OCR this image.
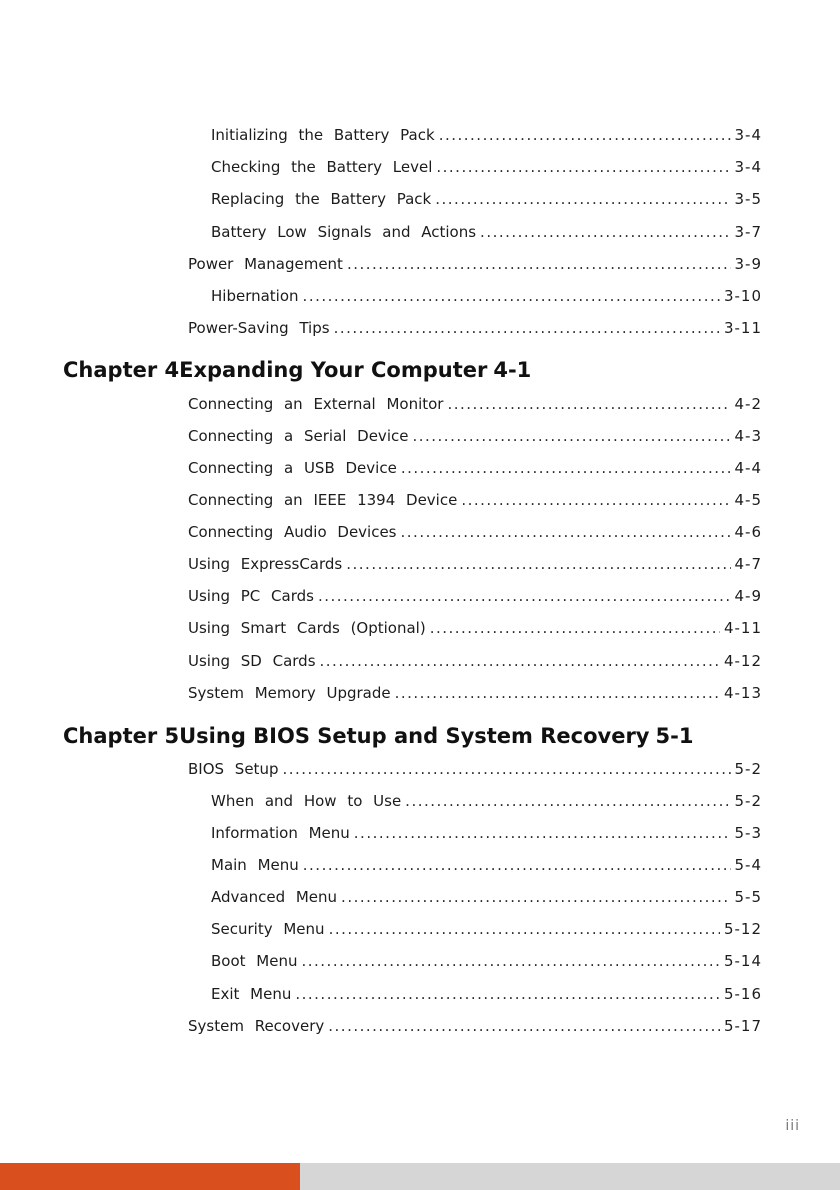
Initializing the Battery Pack .....	3-4
Checking the Battery Level .....	3-4
Replacing the Battery Pack .....	3-5
Battery Low Signals and Actions .....	3-7
Power Management .....	3-9
Hibernation .....	3-10
Power-Saving Tips .....	3-11
Chapter 4Expanding Your Computer 4-1
Connecting an External Monitor .....	4-2
Connecting a Serial Device .....	4-3
Connecting a USB Device .....	4-4
Connecting an IEEE 1394 Device .....	4-5
Connecting Audio Devices .....	4-6
Using ExpressCards .....	4-7
Using PC Cards .....	4-9
Using Smart Cards (Optional) .....	4-11
Using SD Cards .....	4-12
System Memory Upgrade .....	4-13
Chapter 5Using BIOS Setup and System Recovery 5-1
BIOS Setup .....	5-2
When and How to Use .....	5-2
Information Menu .....	5-3
Main Menu .....	5-4
Advanced Menu .....	5-5
Security Menu .....	5-12
Boot Menu .....	5-14
Exit Menu .....	5-16
System Recovery .....	5-17
iii
